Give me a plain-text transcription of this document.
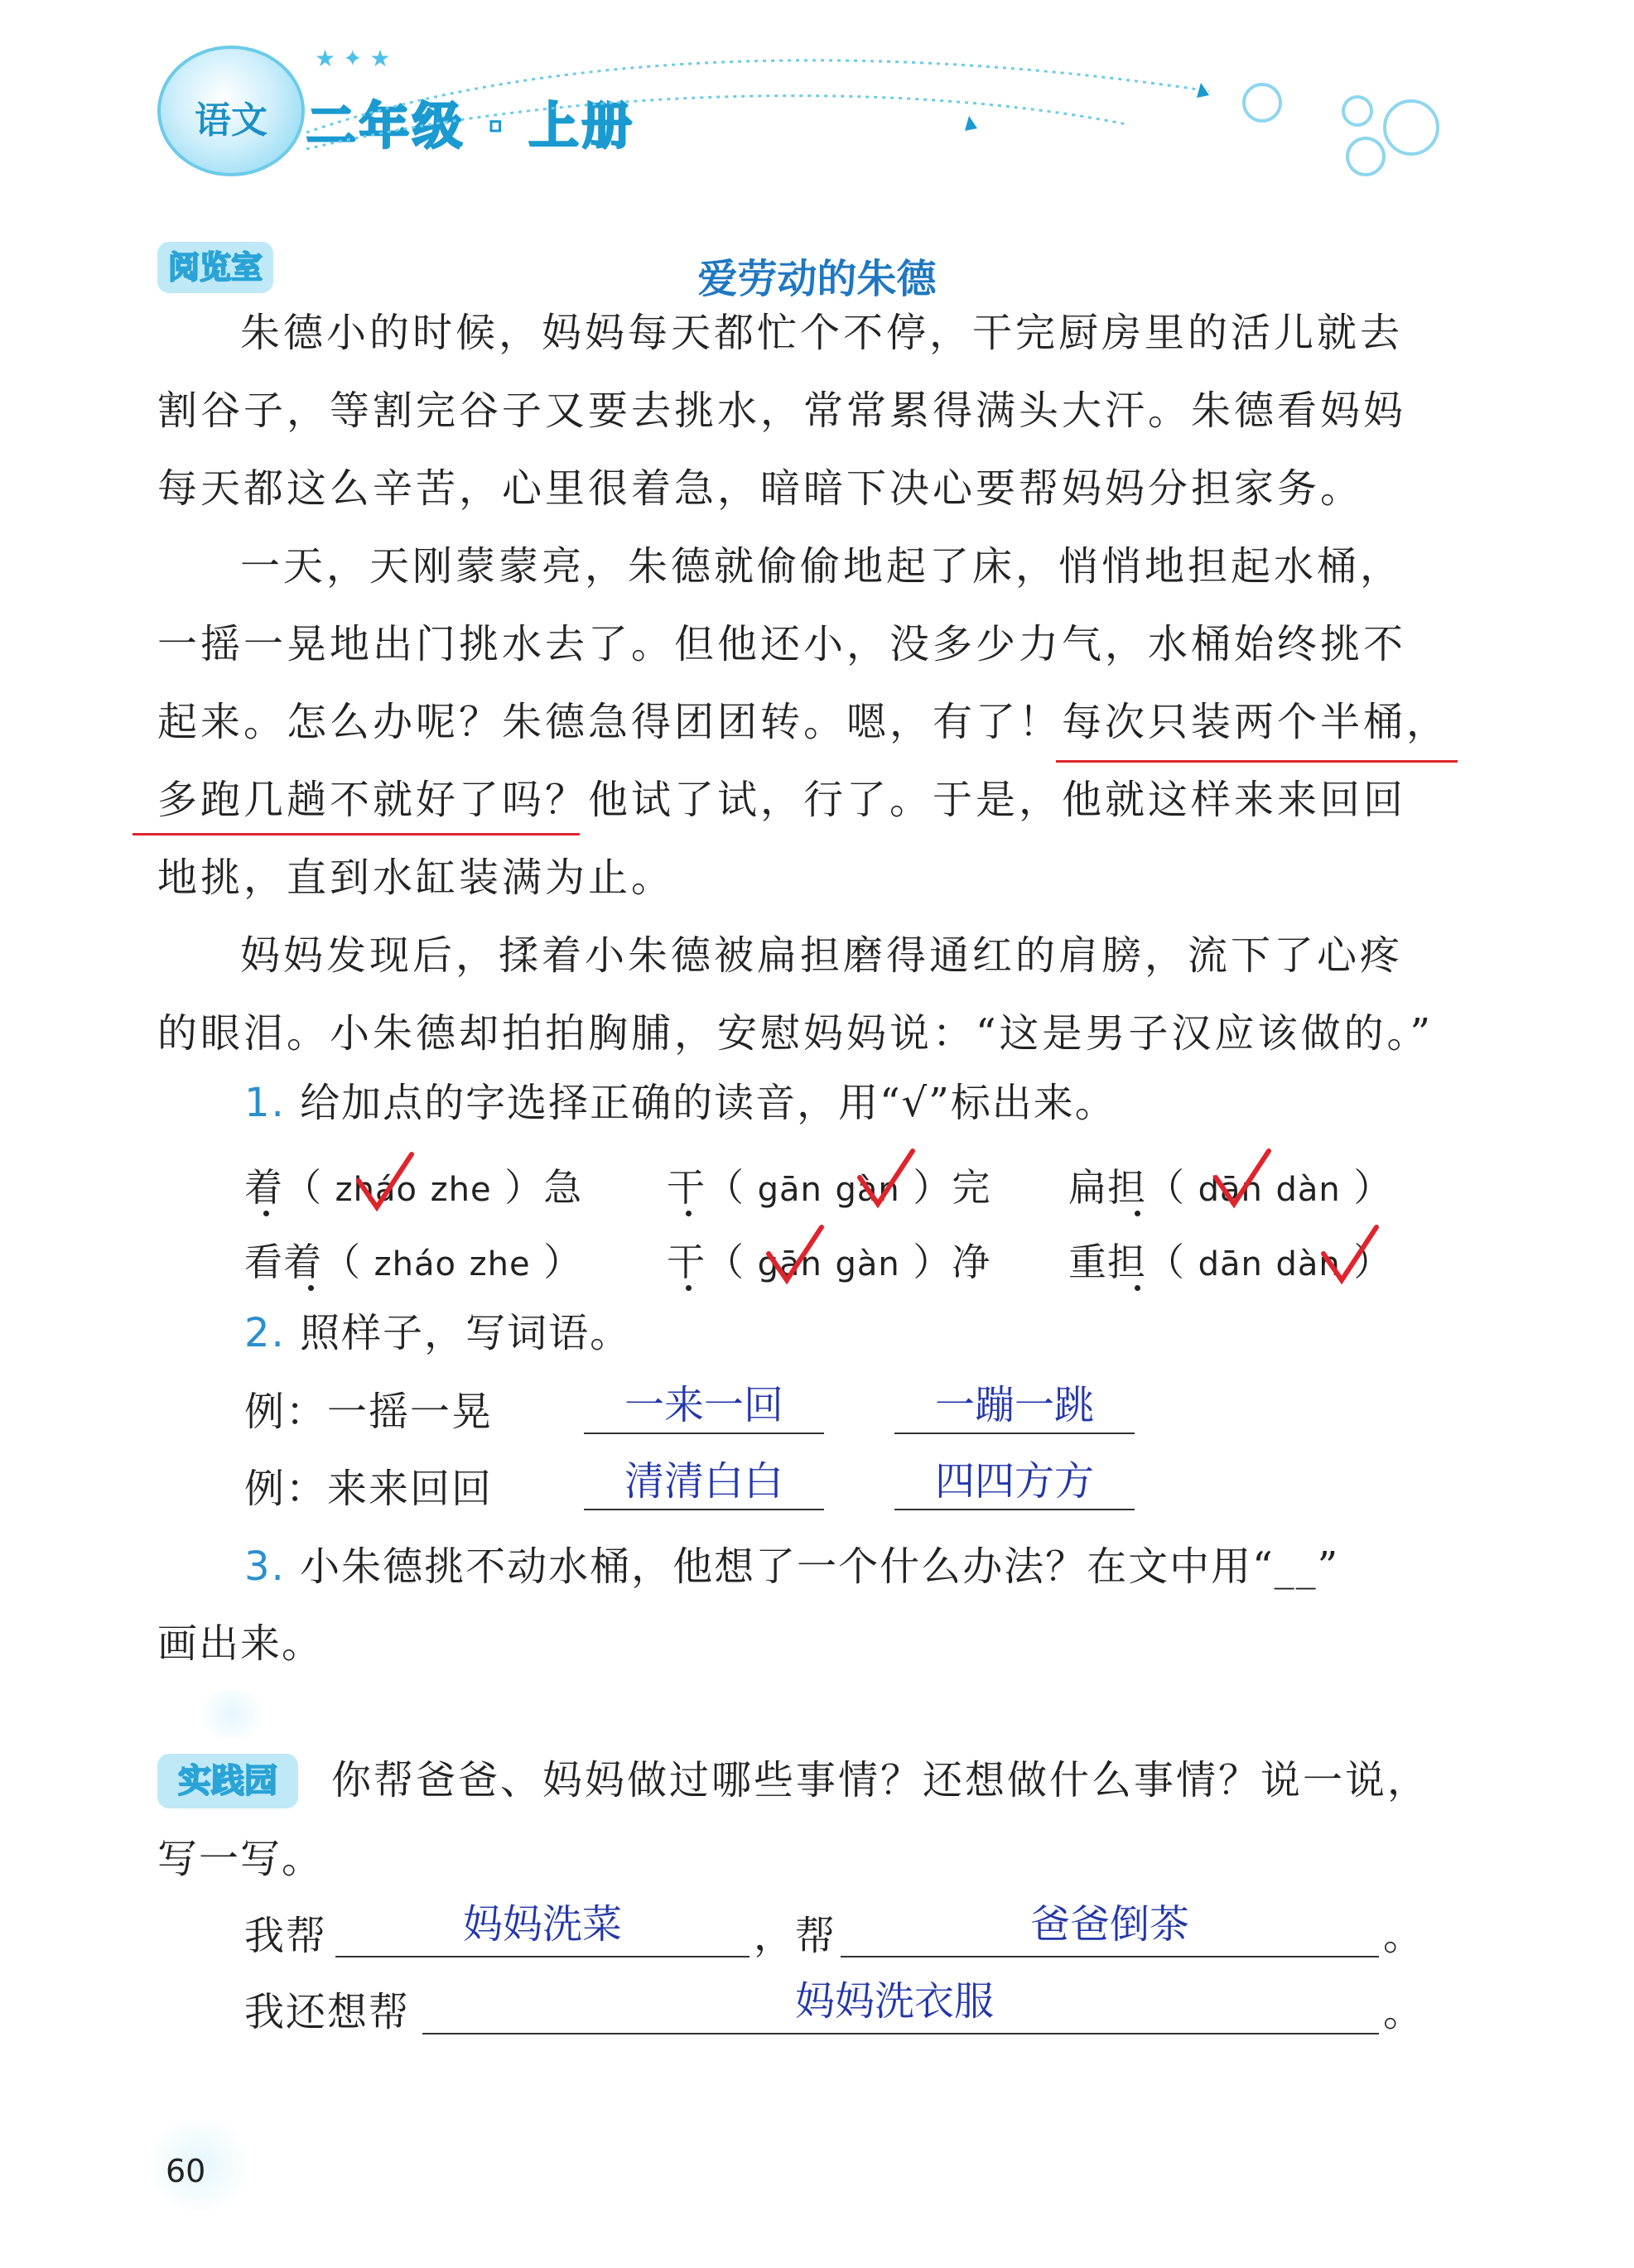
语文 二年级 · 上册
★ ✦ ★
阅览室	爱劳动的朱德
朱德小的时候，妈妈每天都忙个不停，干完厨房里的活儿就去
割谷子，等割完谷子又要去挑水，常常累得满头大汗。朱德看妈妈
每天都这么辛苦，心里很着急，暗暗下决心要帮妈妈分担家务。
一天，天刚蒙蒙亮，朱德就偷偷地起了床，悄悄地担起水桶，
一摇一晃地出门挑水去了。但他还小，没多少力气，水桶始终挑不
起来。怎么办呢？朱德急得团团转。嗯，有了！每次只装两个半桶，
多跑几趟不就好了吗？他试了试，行了。于是，他就这样来来回回
地挑，直到水缸装满为止。
妈妈发现后，揉着小朱德被扁担磨得通红的肩膀，流下了心疼
的眼泪。小朱德却拍拍胸脯，安慰妈妈说：“这是男子汉应该做的。”
1. 给加点的字选择正确的读音，用“√”标出来。
着（ zháo zhe ）急 干（ gān gàn ）完 扁担（ dān dàn ）
看着（ zháo zhe ） 干（ gān gàn ）净 重担（ dān dàn ）
2. 照样子，写词语。
例：一摇一晃	一来一回	一蹦一跳
例：来来回回	清清白白	四四方方
3. 小朱德挑不动水桶，他想了一个什么办法？在文中用“__”
画出来。
实践园	你帮爸爸、妈妈做过哪些事情？还想做什么事情？说一说，
写一写。
我帮	妈妈洗菜	，帮	爸爸倒茶	。
我还想帮	妈妈洗衣服	。
60
